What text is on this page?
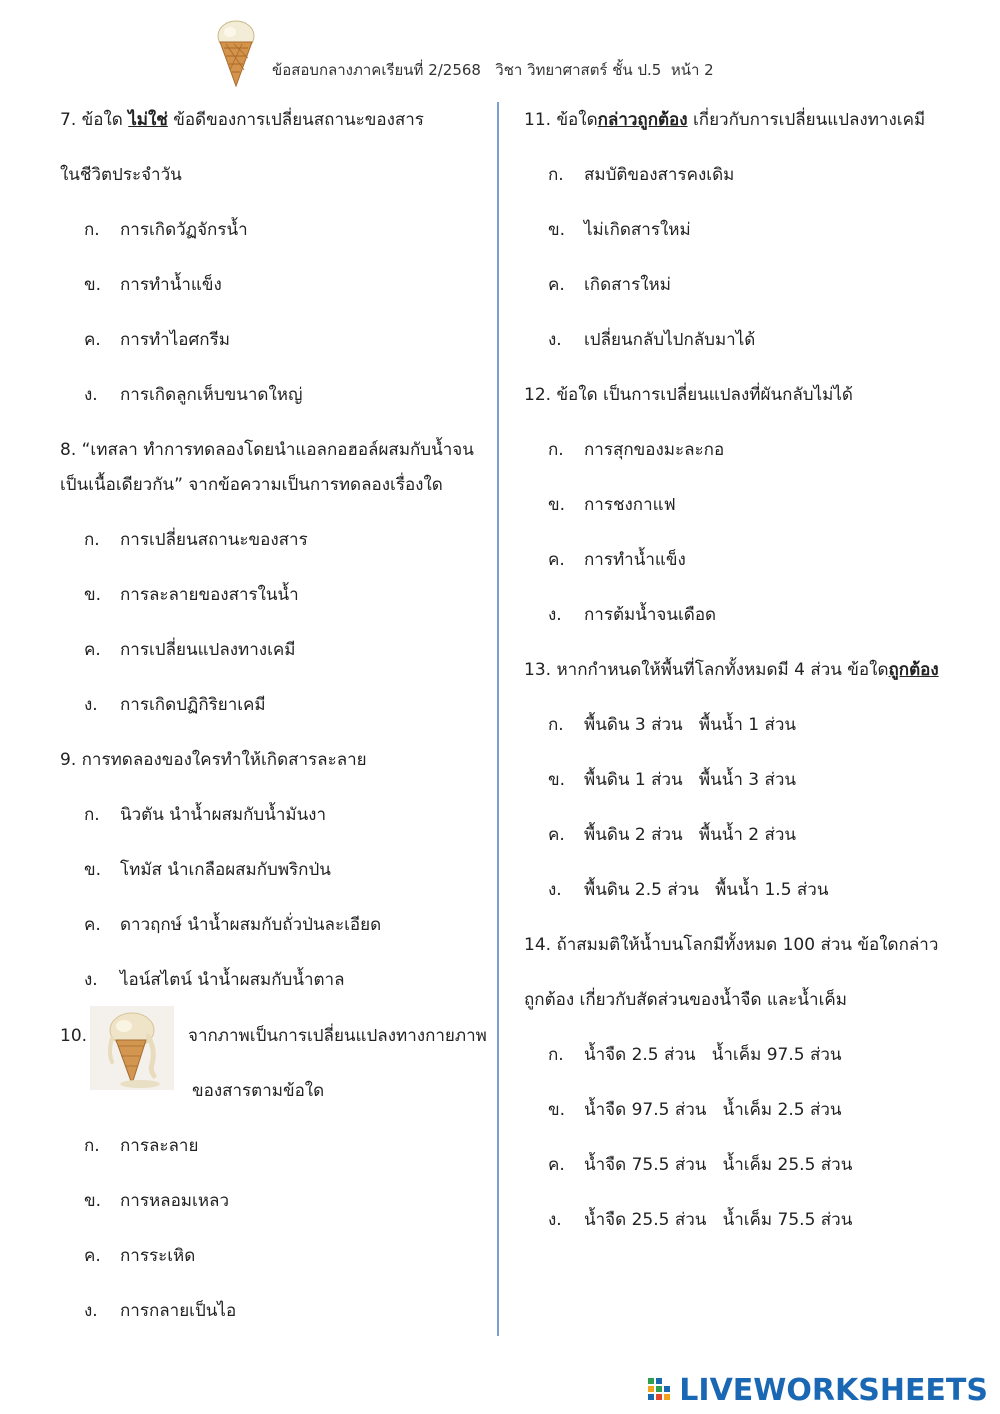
ข้อสอบกลางภาคเรียนที่ 2/2568   วิชา วิทยาศาสตร์ ชั้น ป.5  หน้า 2
7. ข้อใด ไม่ใช่ ข้อดีของการเปลี่ยนสถานะของสาร
ในชีวิตประจำวัน
ก. การเกิดวัฏจักรน้ำ
ข. การทำน้ำแข็ง
ค. การทำไอศกรีม
ง. การเกิดลูกเห็บขนาดใหญ่
8. “เทสลา ทำการทดลองโดยนำแอลกอฮอล์ผสมกับน้ำจน
เป็นเนื้อเดียวกัน” จากข้อความเป็นการทดลองเรื่องใด
ก. การเปลี่ยนสถานะของสาร
ข. การละลายของสารในน้ำ
ค. การเปลี่ยนแปลงทางเคมี
ง. การเกิดปฏิกิริยาเคมี
9. การทดลองของใครทำให้เกิดสารละลาย
ก. นิวตัน นำน้ำผสมกับน้ำมันงา
ข. โทมัส นำเกลือผสมกับพริกป่น
ค. ดาวฤกษ์ นำน้ำผสมกับถั่วป่นละเอียด
ง. ไอน์สไตน์ นำน้ำผสมกับน้ำตาล
10.	จากภาพเป็นการเปลี่ยนแปลงทางกายภาพ
ของสารตามข้อใด
ก. การละลาย
ข. การหลอมเหลว
ค. การระเหิด
ง. การกลายเป็นไอ
11. ข้อใดกล่าวถูกต้อง เกี่ยวกับการเปลี่ยนแปลงทางเคมี
ก. สมบัติของสารคงเดิม
ข. ไม่เกิดสารใหม่
ค. เกิดสารใหม่
ง. เปลี่ยนกลับไปกลับมาได้
12. ข้อใด เป็นการเปลี่ยนแปลงที่ผันกลับไม่ได้
ก. การสุกของมะละกอ
ข. การชงกาแฟ
ค. การทำน้ำแข็ง
ง. การต้มน้ำจนเดือด
13. หากกำหนดให้พื้นที่โลกทั้งหมดมี 4 ส่วน ข้อใดถูกต้อง
ก. พื้นดิน 3 ส่วน   พื้นน้ำ 1 ส่วน
ข. พื้นดิน 1 ส่วน   พื้นน้ำ 3 ส่วน
ค. พื้นดิน 2 ส่วน   พื้นน้ำ 2 ส่วน
ง. พื้นดิน 2.5 ส่วน   พื้นน้ำ 1.5 ส่วน
14. ถ้าสมมติให้น้ำบนโลกมีทั้งหมด 100 ส่วน ข้อใดกล่าว
ถูกต้อง เกี่ยวกับสัดส่วนของน้ำจืด และน้ำเค็ม
ก. น้ำจืด 2.5 ส่วน   น้ำเค็ม 97.5 ส่วน
ข. น้ำจืด 97.5 ส่วน   น้ำเค็ม 2.5 ส่วน
ค. น้ำจืด 75.5 ส่วน   น้ำเค็ม 25.5 ส่วน
ง. น้ำจืด 25.5 ส่วน   น้ำเค็ม 75.5 ส่วน
LIVEWORKSHEETS
